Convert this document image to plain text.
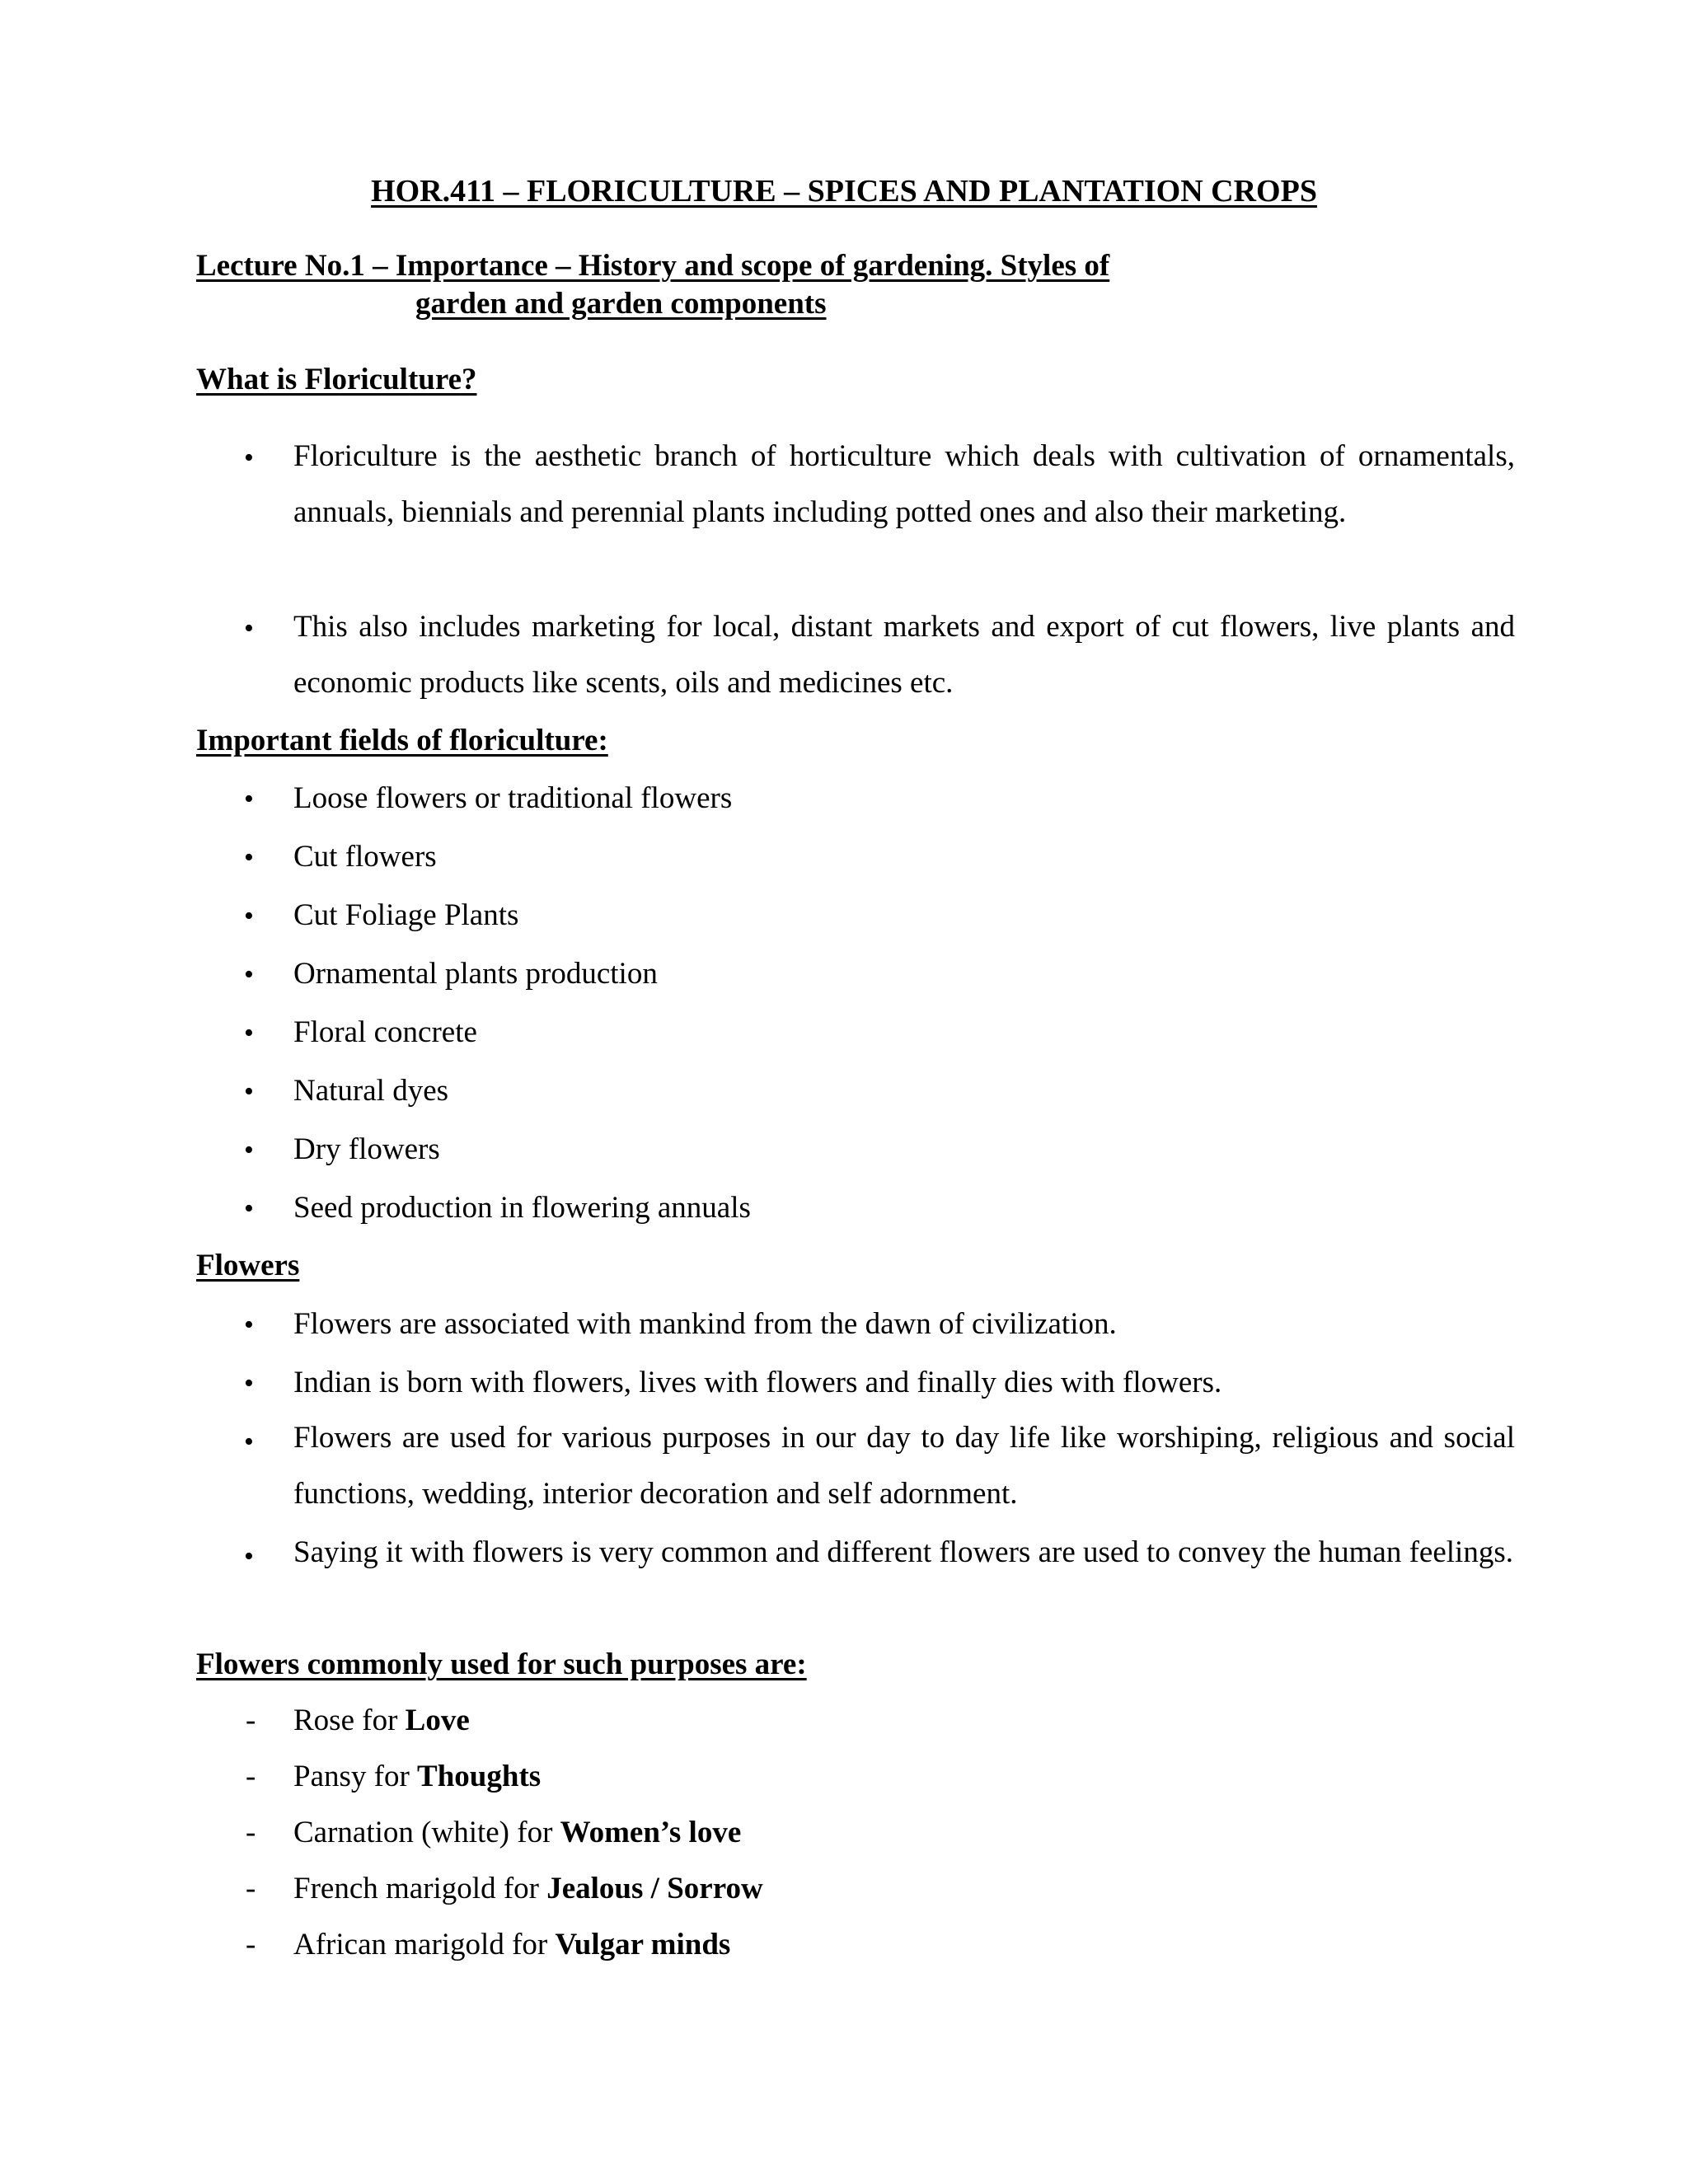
HOR.411 – FLORICULTURE – SPICES AND PLANTATION CROPS
Lecture No.1 – Importance – History and scope of gardening. Styles of
garden and garden components
What is Floriculture?
• Floriculture is the aesthetic branch of horticulture which deals with cultivation of ornamentals, annuals, biennials and perennial plants including potted ones and also their marketing.
• This also includes marketing for local, distant markets and export of cut flowers, live plants and economic products like scents, oils and medicines etc.
Important fields of floriculture:
• Loose flowers or traditional flowers
• Cut flowers
• Cut Foliage Plants
• Ornamental plants production
• Floral concrete
• Natural dyes
• Dry flowers
• Seed production in flowering annuals
Flowers
• Flowers are associated with mankind from the dawn of civilization.
• Indian is born with flowers, lives with flowers and finally dies with flowers.
• Flowers are used for various purposes in our day to day life like worshiping, religious and social functions, wedding, interior decoration and self adornment.
• Saying it with flowers is very common and different flowers are used to convey the human feelings.
Flowers commonly used for such purposes are:
- Rose for Love
- Pansy for Thoughts
- Carnation (white) for Women’s love
- French marigold for Jealous / Sorrow
- African marigold for Vulgar minds
